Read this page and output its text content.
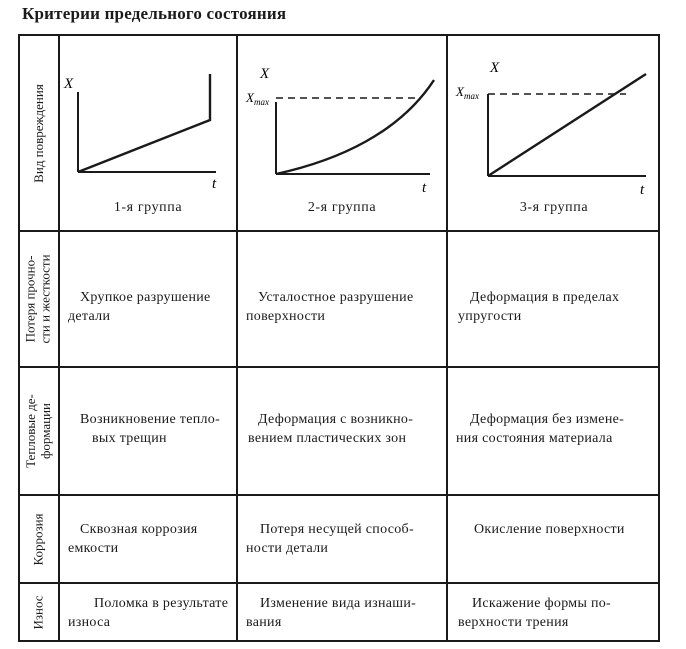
Критерии предельного состояния
Вид повреждения
Потеря прочно- сти и жесткости
Тепловые де- формации
Коррозия
Износ
X
t
1-я группа
X
$X_{max}$
t
2-я группа
X
$X_{max}$
t
3-я группа
Хрупкое разрушение
детали
Усталостное разрушение
поверхности
Деформация в пределах
упругости
Возникновение тепло-
вых трещин
Деформация с возникно-
вением пластических зон
Деформация без измене-
ния состояния материала
Сквозная коррозия
емкости
Потеря несущей способ-
ности детали
Окисление поверхности
Поломка в результате
износа
Изменение вида изнаши-
вания
Искажение формы по-
верхности трения
